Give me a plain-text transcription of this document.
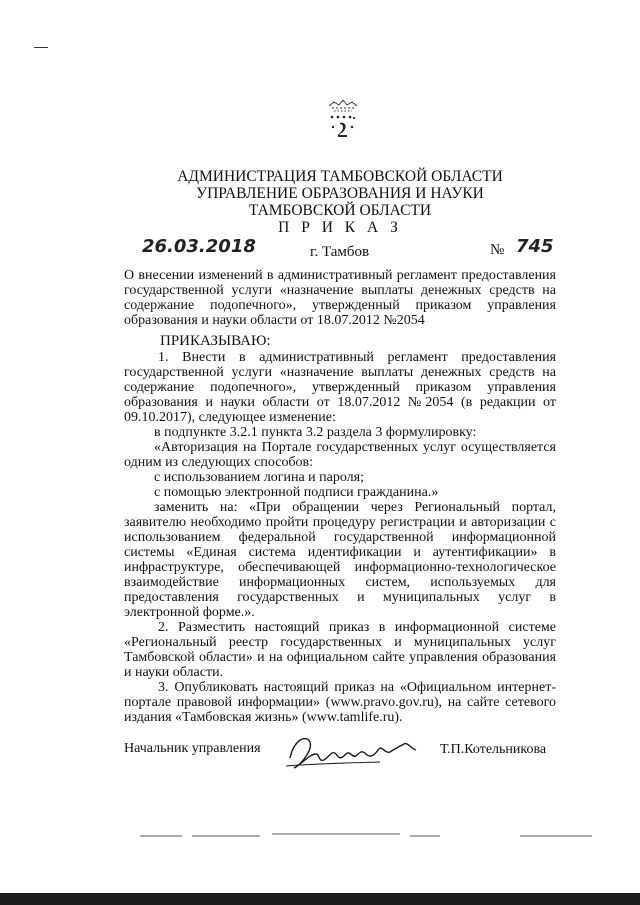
АДМИНИСТРАЦИЯ ТАМБОВСКОЙ ОБЛАСТИ
УПРАВЛЕНИЕ ОБРАЗОВАНИЯ И НАУКИ
ТАМБОВСКОЙ ОБЛАСТИ
П Р И К А З
26.03.2018	г. Тамбов	№ 745
О внесении изменений в административный регламент предоставления государственной услуги «назначение выплаты денежных средств на содержание подопечного», утвержденный приказом управления образования и науки области от 18.07.2012 №2054
ПРИКАЗЫВАЮ:

1. Внести в административный регламент предоставления государственной услуги «назначение выплаты денежных средств на содержание подопечного», утвержденный приказом управления образования и науки области от 18.07.2012 №2054 (в редакции от 09.10.2017), следующее изменение:

в подпункте 3.2.1 пункта 3.2 раздела 3 формулировку:

«Авторизация на Портале государственных услуг осуществляется одним из следующих способов:

с использованием логина и пароля;

с помощью электронной подписи гражданина.»

заменить на: «При обращении через Региональный портал, заявителю необходимо пройти процедуру регистрации и авторизации с использованием федеральной государственной информационной системы «Единая система идентификации и аутентификации» в инфраструктуре, обеспечивающей информационно-технологическое взаимодействие информационных систем, используемых для предоставления государственных и муниципальных услуг в электронной форме.».

2. Разместить настоящий приказ в информационной системе «Региональный реестр государственных и муниципальных услуг Тамбовской области» и на официальном сайте управления образования и науки области.

3. Опубликовать настоящий приказ на «Официальном интернет-портале правовой информации» (www.pravo.gov.ru), на сайте сетевого издания «Тамбовская жизнь» (www.tamlife.ru).

Начальник управления	Т.П.Котельникова
